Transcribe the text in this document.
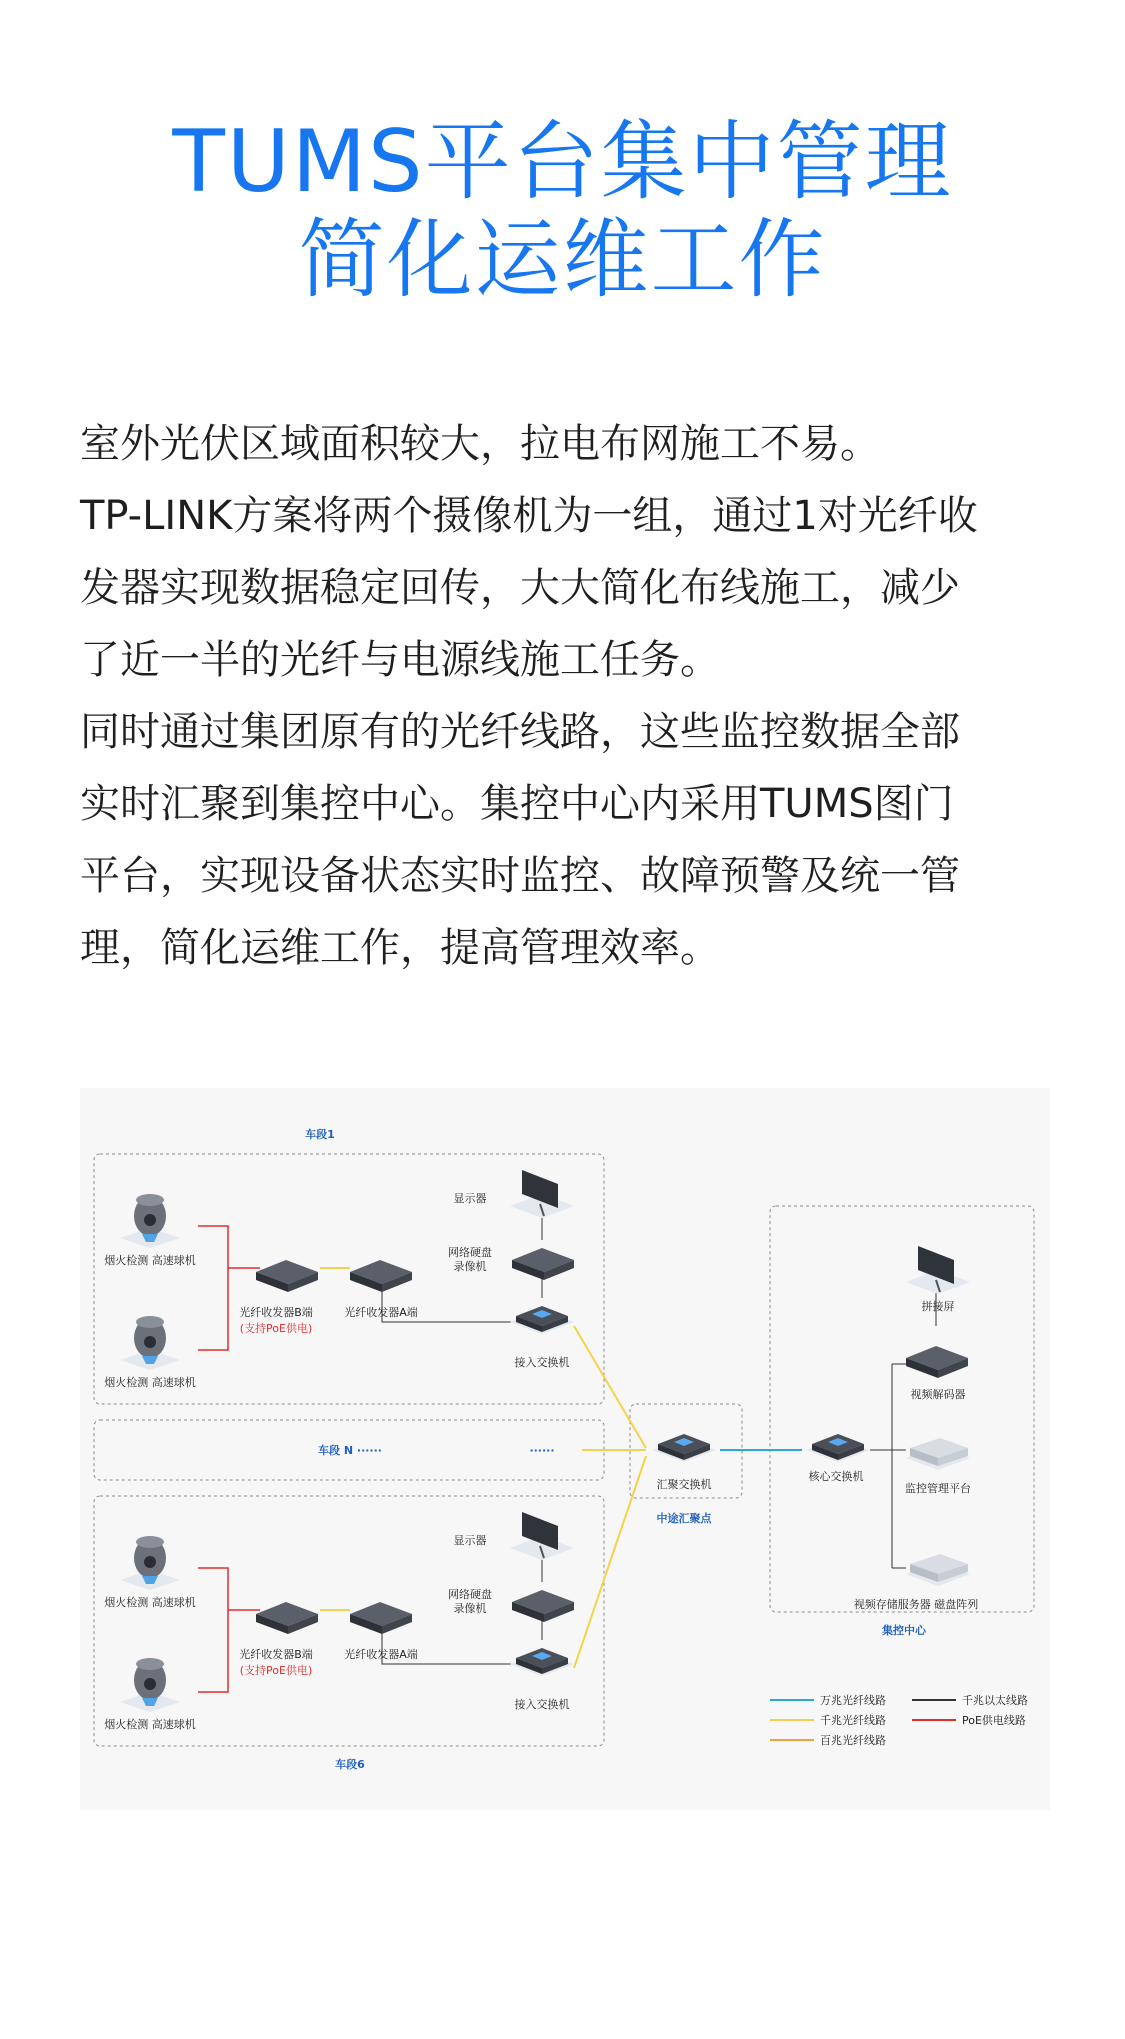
TUMS平台集中管理
简化运维工作
室外光伏区域面积较大，拉电布网施工不易。
TP-LINK方案将两个摄像机为一组，通过1对光纤收
发器实现数据稳定回传，大大简化布线施工，减少
了近一半的光纤与电源线施工任务。
同时通过集团原有的光纤线路，这些监控数据全部
实时汇聚到集控中心。集控中心内采用TUMS图门
平台，实现设备状态实时监控、故障预警及统一管
理，简化运维工作，提高管理效率。
车段1
车段 N ······	······
车段6
烟火检测 高速球机
烟火检测 高速球机
光纤收发器B端
(支持PoE供电)
光纤收发器A端
显示器
网络硬盘
录像机
接入交换机
烟火检测 高速球机
烟火检测 高速球机
光纤收发器B端
(支持PoE供电)
光纤收发器A端
显示器
网络硬盘
录像机
接入交换机
汇聚交换机
中途汇聚点
核心交换机
拼接屏
视频解码器
监控管理平台
视频存储服务器 磁盘阵列
集控中心
万兆光纤线路
千兆光纤线路
百兆光纤线路
千兆以太线路
PoE供电线路
